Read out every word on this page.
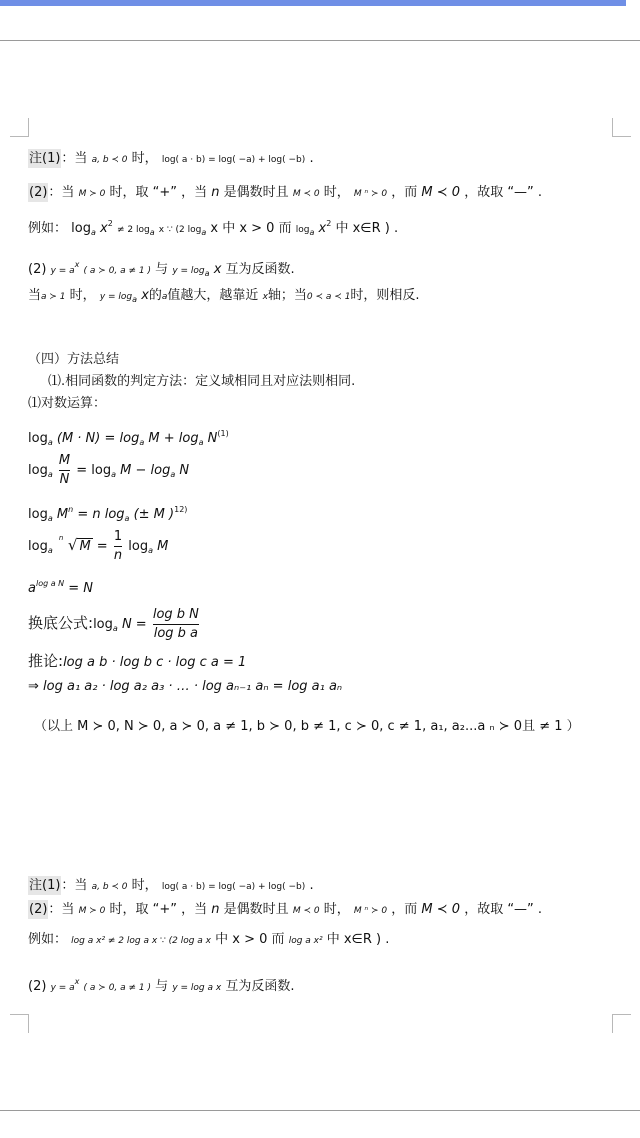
注(1)：当 a, b ≺ 0 时， log( a · b) = log( −a) + log( −b) .
(2)：当 M ≻ 0 时，取 “+” ，当 n 是偶数时且 M ≺ 0 时， M ⁿ ≻ 0 ，而 M ≺ 0 ，故取 “—” .
例如： $\log_a x^2 \ne 2$ $\log_a x$ ∵ (2 $\log_a x$ 中 x > 0 而 $\log_a x^2$ 中 x∈R ) .
(2) $y = a^x$ ( a ≻ 0, a ≠ 1 ) 与 $y = \log_a x$ 互为反函数.
当a ≻ 1 时， $y = \log_a x$的a值越大，越靠近 x轴；当0 ≺ a ≺ 1时，则相反.
（四）方法总结
⑴.相同函数的判定方法：定义域相同且对应法则相同.
⑴对数运算：
$\log_a (M \cdot N) = \log_a M + \log_a N^{(1)}$
$\log_a \frac{M}{N} = \log_a M - \log_a N$
$\log_a M^n = n$ $\log_a$ (± M )$^{12)}$
$\log_a$
n √ $M = \frac{1}{n} \log_a M$
$a^{log a N} = N$
换底公式$:\log_a$ $N = \frac{\text{log b N}}{\text{log b a}}$
推论:log a b · log b c · log c a = 1
⇒ log a₁ a₂ · log a₂ a₃ · … · log aₙ₋₁ aₙ = log a₁ aₙ
（以上 M ≻ 0, N ≻ 0, a ≻ 0, a ≠ 1, b ≻ 0, b ≠ 1, c ≻ 0, c ≠ 1, a₁, a₂...a ₙ ≻ 0且 ≠ 1 ）
注(1)：当 a, b ≺ 0 时， log( a · b) = log( −a) + log( −b) .
(2)：当 M ≻ 0 时，取 “+” ，当 n 是偶数时且 M ≺ 0 时， M ⁿ ≻ 0 ，而 M ≺ 0 ，故取 “—” .
例如： log a x² ≠ 2 log a x ∵ (2 log a x 中 x > 0 而 log a x² 中 x∈R ) .
(2) $y = a^x$ ( a ≻ 0, a ≠ 1 ) 与 y = log a x 互为反函数.
